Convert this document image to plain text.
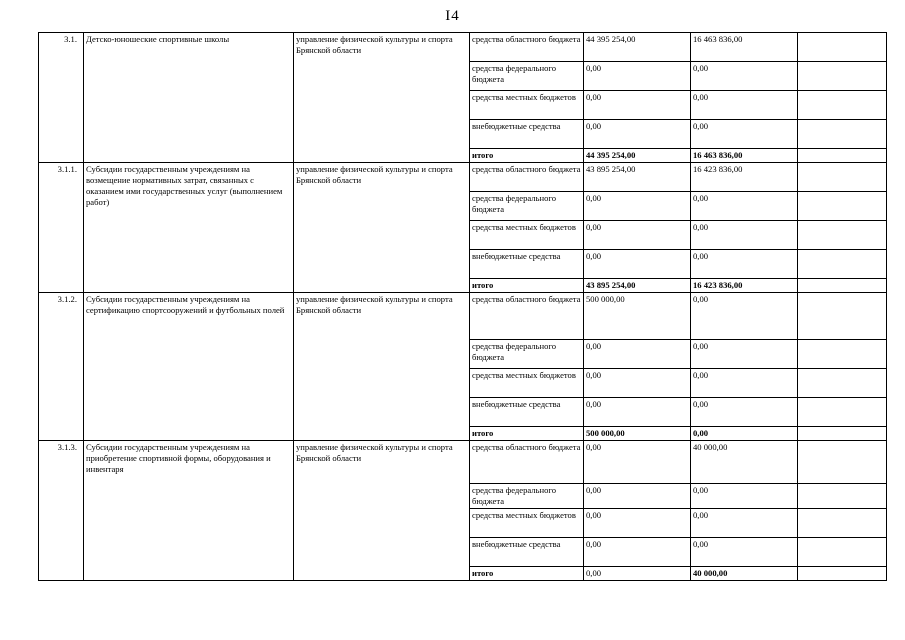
I4
3.1.	Детско-юношеские спортивные школы	управление физической культуры и спорта Брянской области	средства областного бюджета	44 395 254,00	16 463 836,00	
			средства федерального бюджета	0,00	0,00	
			средства местных бюджетов	0,00	0,00	
			внебюджетные средства	0,00	0,00	
			итого	44 395 254,00	16 463 836,00	
3.1.1.	Субсидии государственным учреждениям на возмещение нормативных затрат, связанных с оказанием ими государственных услуг (выполнением работ)	управление физической культуры и спорта Брянской области	средства областного бюджета	43 895 254,00	16 423 836,00	
			средства федерального бюджета	0,00	0,00	
			средства местных бюджетов	0,00	0,00	
			внебюджетные средства	0,00	0,00	
			итого	43 895 254,00	16 423 836,00	
3.1.2.	Субсидии государственным учреждениям на сертификацию спортсооружений и футбольных полей	управление физической культуры и спорта Брянской области	средства областного бюджета	500 000,00	0,00	
			средства федерального бюджета	0,00	0,00	
			средства местных бюджетов	0,00	0,00	
			внебюджетные средства	0,00	0,00	
			итого	500 000,00	0,00	
3.1.3.	Субсидии государственным учреждениям на приобретение спортивной формы, оборудования и инвентаря	управление физической культуры и спорта Брянской области	средства областного бюджета	0,00	40 000,00	
			средства федерального бюджета	0,00	0,00	
			средства местных бюджетов	0,00	0,00	
			внебюджетные средства	0,00	0,00	
			итого	0,00	40 000,00	
